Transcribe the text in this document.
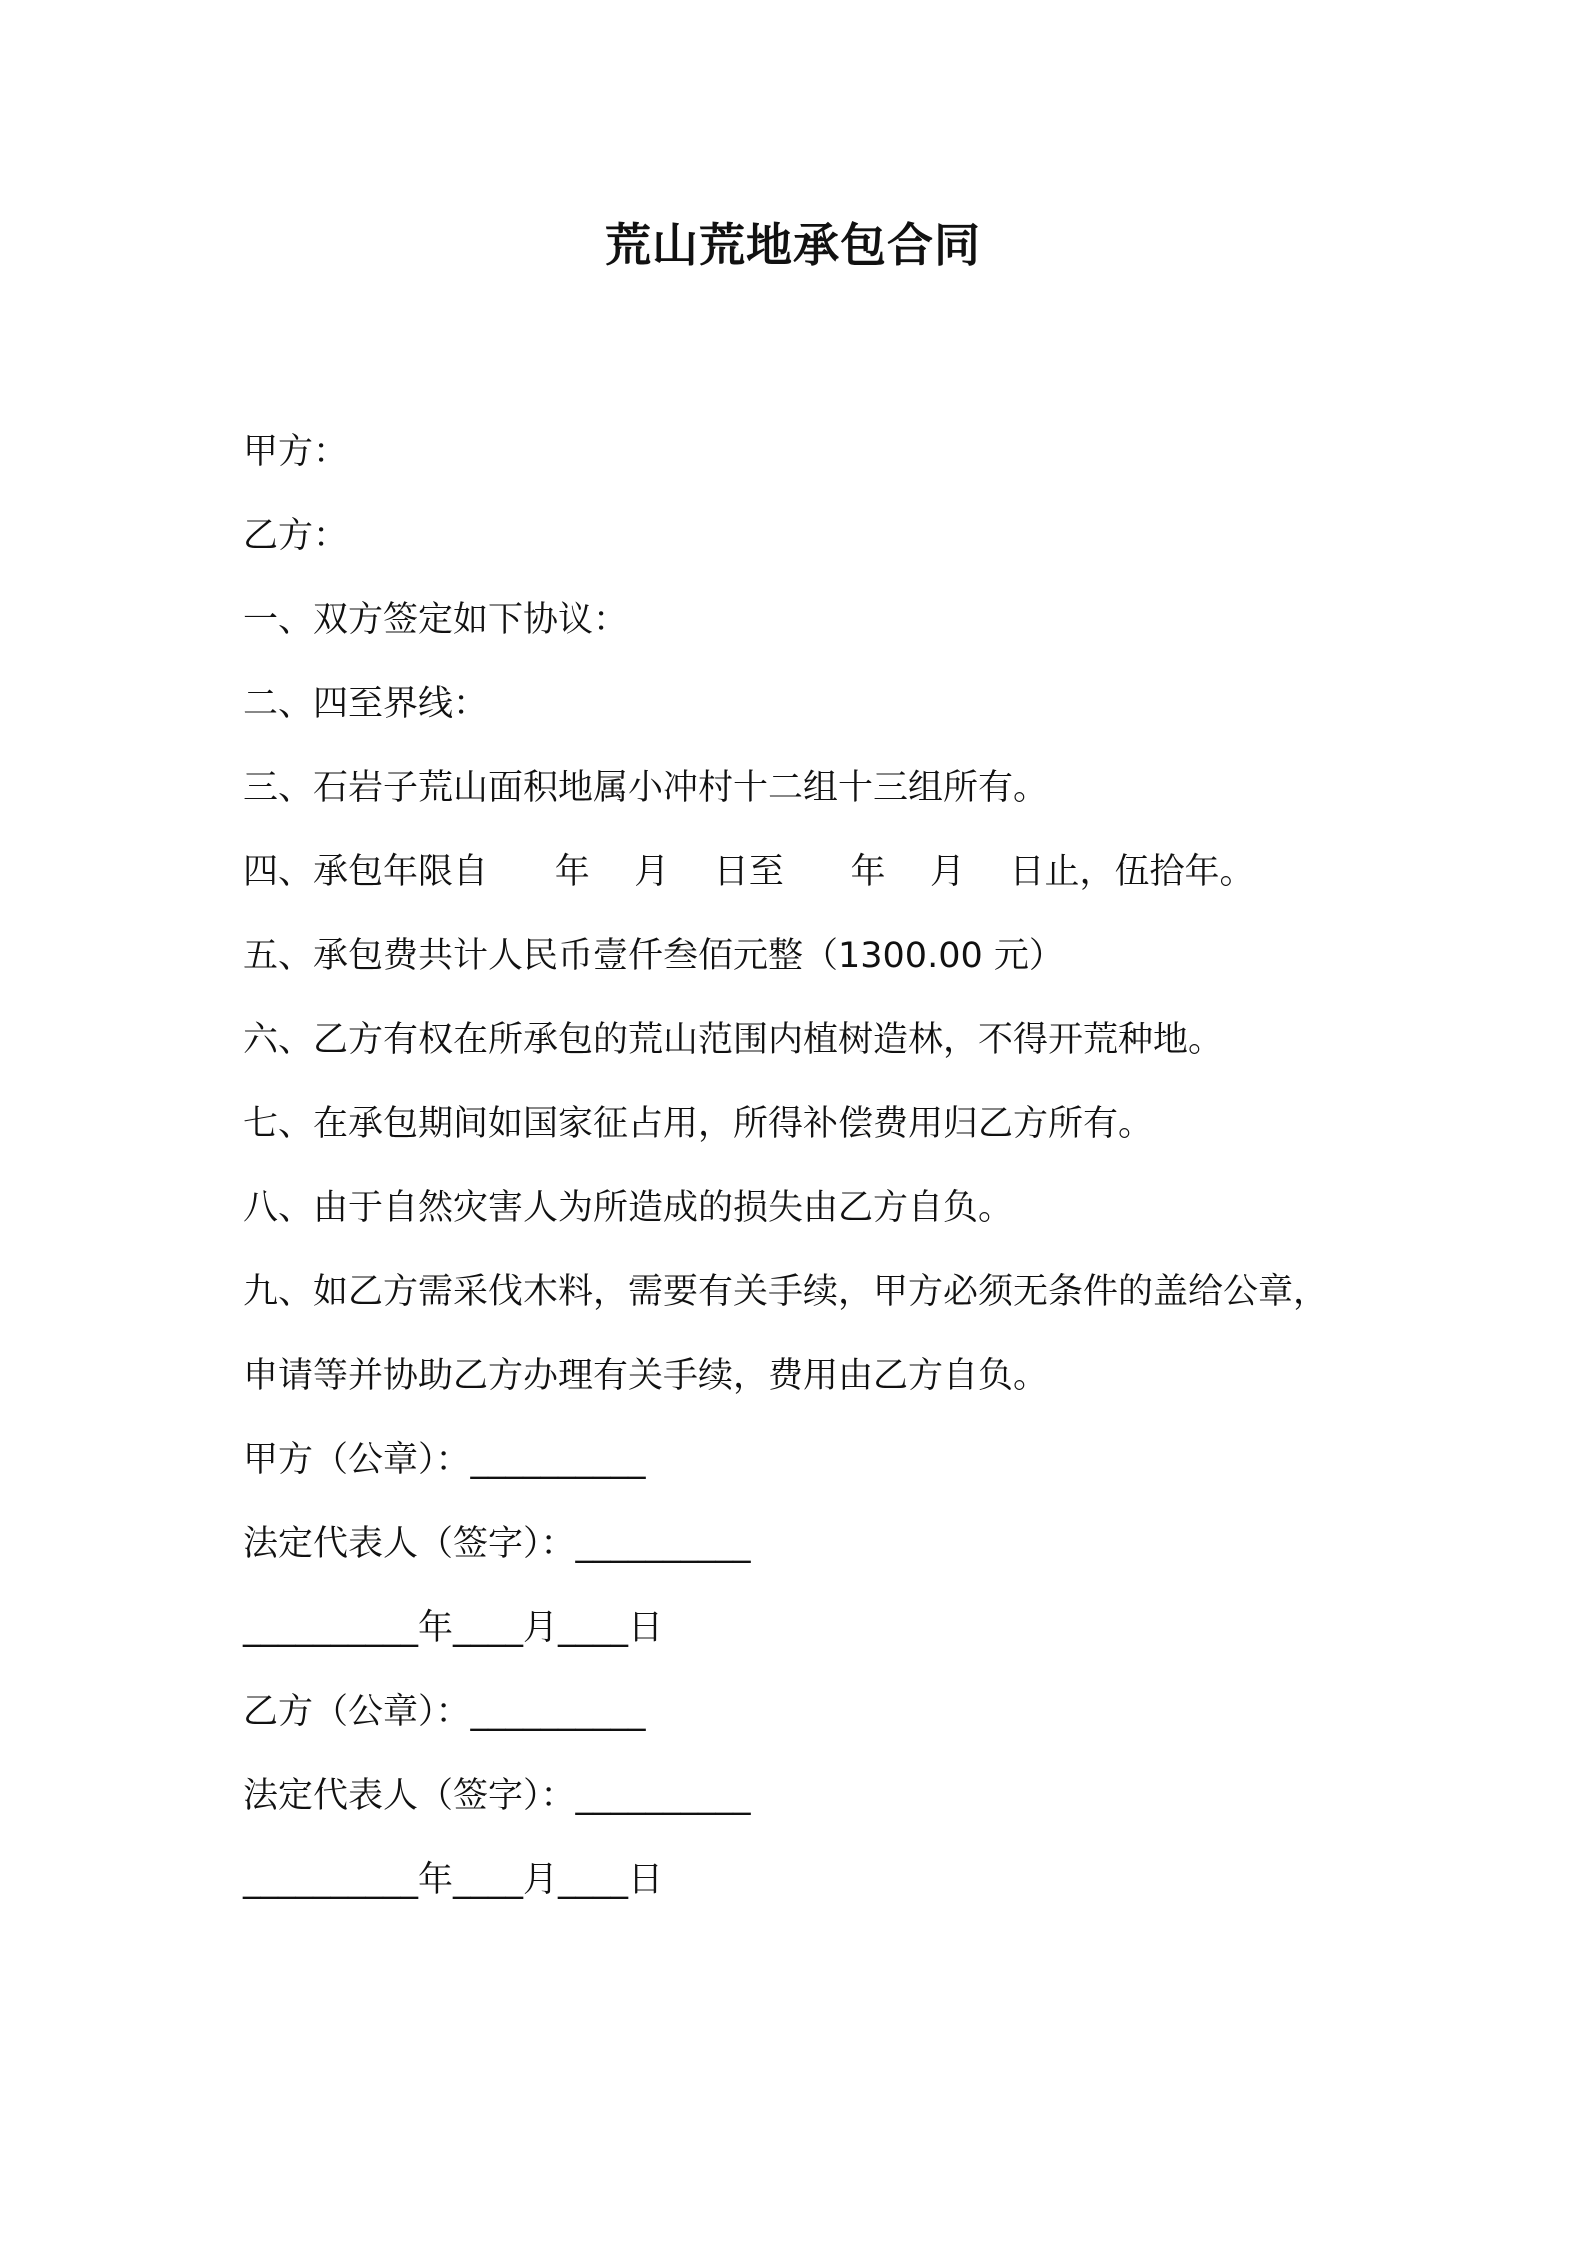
荒山荒地承包合同
甲方：
乙方：
一、双方签定如下协议：
二、四至界线：
三、石岩子荒山面积地属小冲村十二组十三组所有。
四、承包年限自      年    月    日至      年    月    日止，伍拾年。
五、承包费共计人民币壹仟叁佰元整（1300.00 元）
六、乙方有权在所承包的荒山范围内植树造林，不得开荒种地。
七、在承包期间如国家征占用，所得补偿费用归乙方所有。
八、由于自然灾害人为所造成的损失由乙方自负。
九、如乙方需采伐木料，需要有关手续，甲方必须无条件的盖给公章，
申请等并协助乙方办理有关手续，费用由乙方自负。
甲方（公章）：__________
法定代表人（签字）：__________
__________年____月____日
乙方（公章）：__________
法定代表人（签字）：__________
__________年____月____日
